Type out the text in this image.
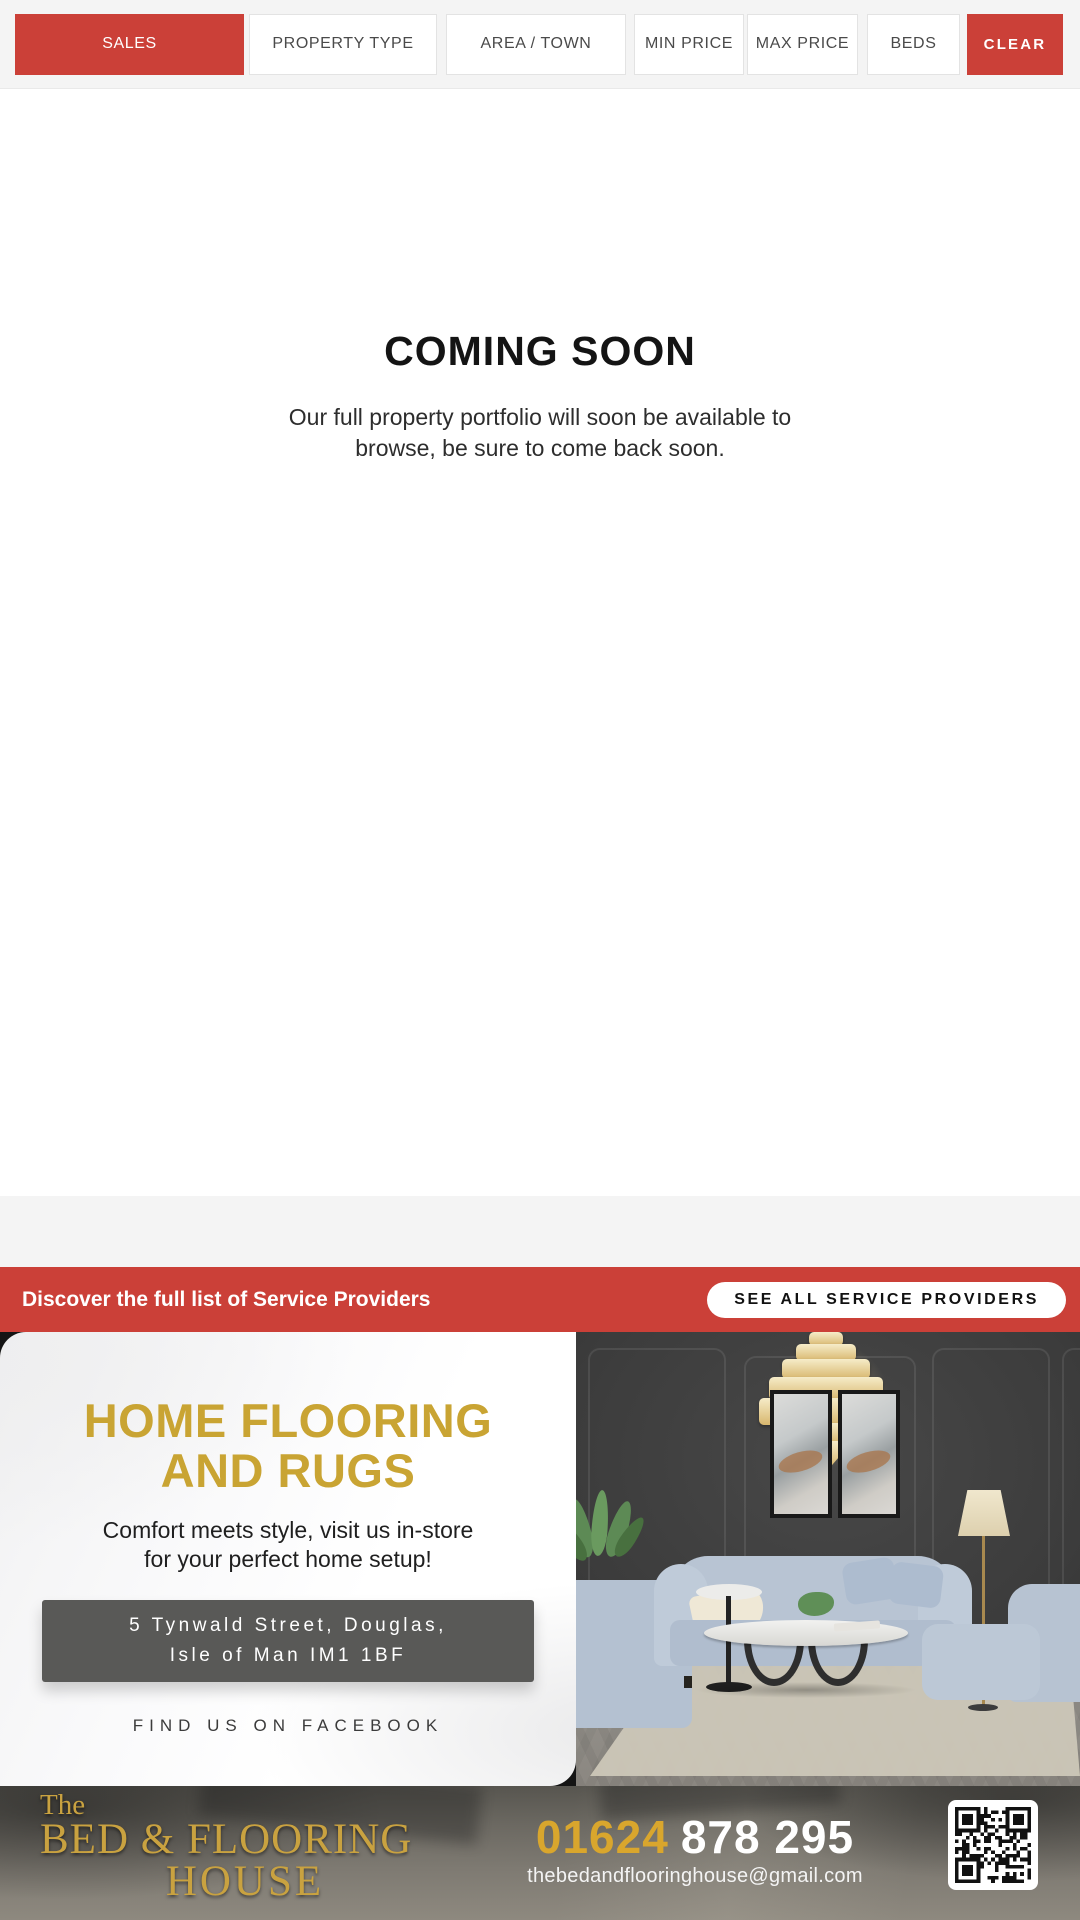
SALES	PROPERTY TYPE	AREA / TOWN	MIN PRICE	MAX PRICE	BEDS	CLEAR
COMING SOON
Our full property portfolio will soon be available to
browse, be sure to come back soon.
Discover the full list of Service Providers	SEE ALL SERVICE PROVIDERS
HOME FLOORING
AND RUGS
Comfort meets style, visit us in-store
for your perfect home setup!
5 Tynwald Street, Douglas,
Isle of Man IM1 1BF
FIND US ON FACEBOOK
The
BED & FLOORING
HOUSE
01624 878 295
thebedandflooringhouse@gmail.com
